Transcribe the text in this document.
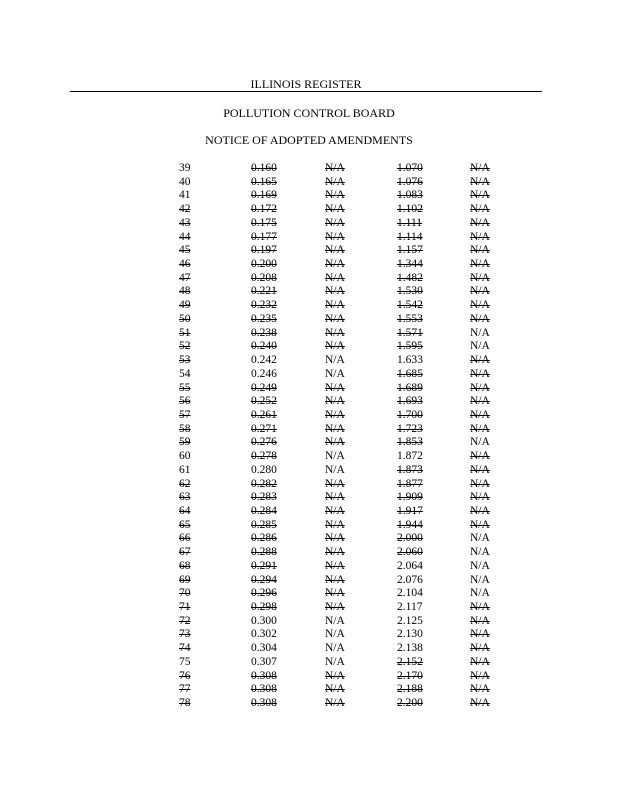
ILLINOIS REGISTER
POLLUTION CONTROL BOARD
NOTICE OF ADOPTED AMENDMENTS
39	0.160	N/A	1.070	N/A
40	0.165	N/A	1.076	N/A
41	0.169	N/A	1.083	N/A
42	0.172	N/A	1.102	N/A
43	0.175	N/A	1.111	N/A
44	0.177	N/A	1.114	N/A
45	0.197	N/A	1.157	N/A
46	0.200	N/A	1.344	N/A
47	0.208	N/A	1.482	N/A
48	0.221	N/A	1.530	N/A
49	0.232	N/A	1.542	N/A
50	0.235	N/A	1.553	N/A
51	0.238	N/A	1.571	N/A
52	0.240	N/A	1.595	N/A
53	0.242	N/A	1.633	N/A
54	0.246	N/A	1.685	N/A
55	0.249	N/A	1.689	N/A
56	0.252	N/A	1.693	N/A
57	0.261	N/A	1.700	N/A
58	0.271	N/A	1.723	N/A
59	0.276	N/A	1.853	N/A
60	0.278	N/A	1.872	N/A
61	0.280	N/A	1.873	N/A
62	0.282	N/A	1.877	N/A
63	0.283	N/A	1.909	N/A
64	0.284	N/A	1.917	N/A
65	0.285	N/A	1.944	N/A
66	0.286	N/A	2.000	N/A
67	0.288	N/A	2.060	N/A
68	0.291	N/A	2.064	N/A
69	0.294	N/A	2.076	N/A
70	0.296	N/A	2.104	N/A
71	0.298	N/A	2.117	N/A
72	0.300	N/A	2.125	N/A
73	0.302	N/A	2.130	N/A
74	0.304	N/A	2.138	N/A
75	0.307	N/A	2.152	N/A
76	0.308	N/A	2.170	N/A
77	0.308	N/A	2.188	N/A
78	0.308	N/A	2.200	N/A
